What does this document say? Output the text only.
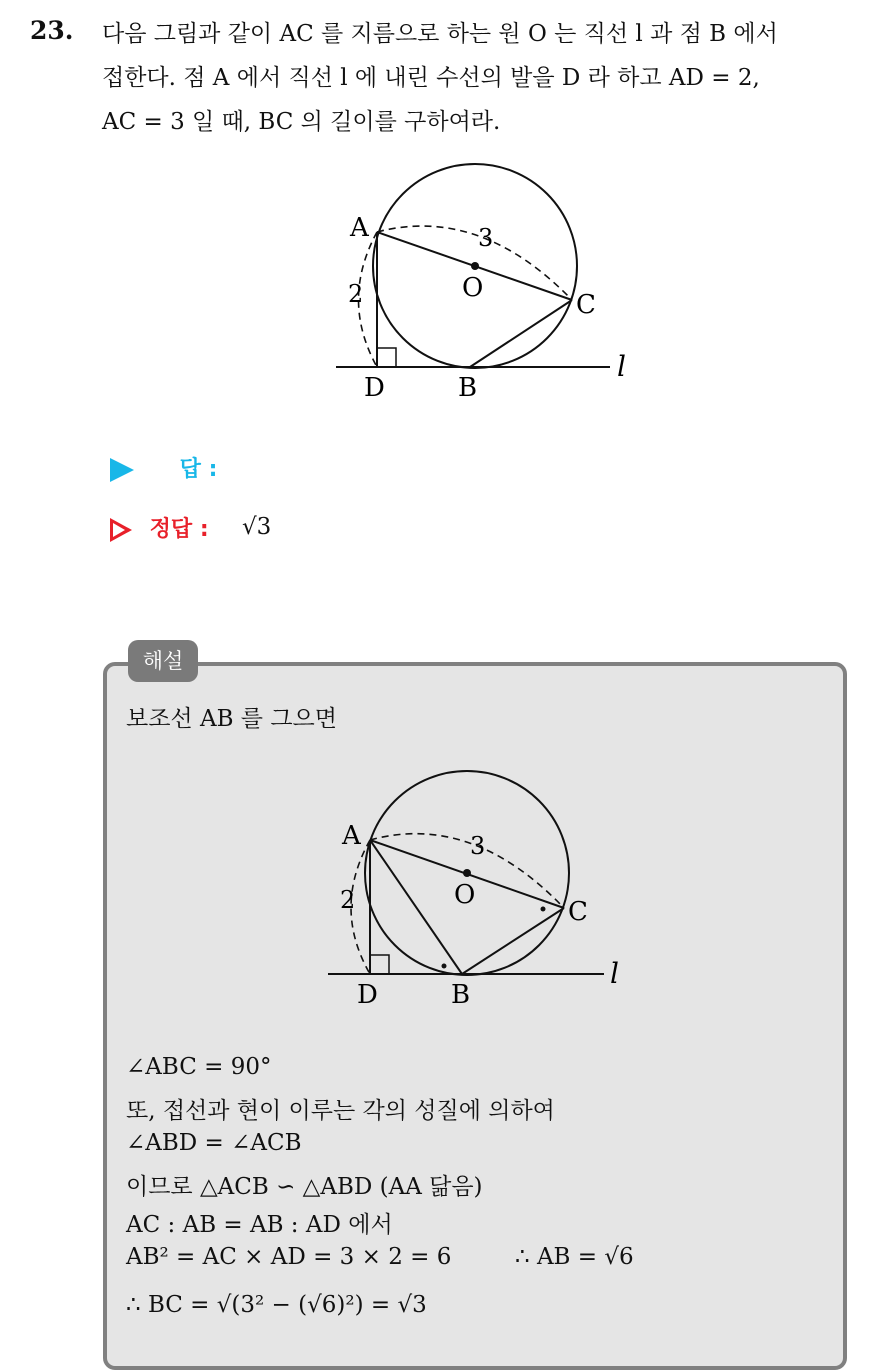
23. 다음 그림과 같이 AC 를 지름으로 하는 원 O 는 직선 l 과 점 B 에서
접한다. 점 A 에서 직선 l 에 내린 수선의 발을 D 라 하고 AD = 2,
AC = 3 일 때, BC 의 길이를 구하여라.
A
O
C
D	B
l
3
2
답 :
정답 : √3
해설
보조선 AB 를 그으면
A
O
C
D	B
l
3
2
∠ABC = 90°
또, 접선과 현이 이루는 각의 성질에 의하여
∠ABD = ∠ACB
이므로 △ACB ∽ △ABD (AA 닮음)
AC : AB = AB : AD 에서
AB² = AC × AD = 3 × 2 = 6	∴ AB = √6
∴ BC = √(3² − (√6)²) = √3
